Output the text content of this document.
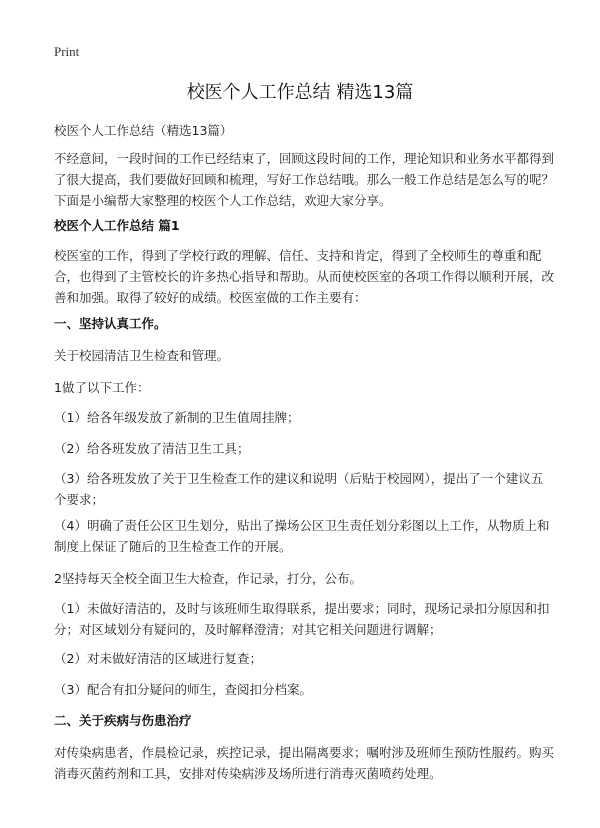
Print
校医个人工作总结 精选13篇

校医个人工作总结（精选13篇）

不经意间，一段时间的工作已经结束了，回顾这段时间的工作，理论知识和业务水平都得到了很大提高，我们要做好回顾和梳理，写好工作总结哦。那么一般工作总结是怎么写的呢？下面是小编帮大家整理的校医个人工作总结，欢迎大家分享。

校医个人工作总结 篇1

校医室的工作，得到了学校行政的理解、信任、支持和肯定，得到了全校师生的尊重和配合，也得到了主管校长的许多热心指导和帮助。从而使校医室的各项工作得以顺利开展，改善和加强。取得了较好的成绩。校医室做的工作主要有：

一、坚持认真工作。

关于校园清洁卫生检查和管理。

1做了以下工作：

（1）给各年级发放了新制的卫生值周挂牌；

（2）给各班发放了清洁卫生工具；

（3）给各班发放了关于卫生检查工作的建议和说明（后贴于校园网），提出了一个建议五个要求；

（4）明确了责任公区卫生划分，贴出了操场公区卫生责任划分彩图以上工作，从物质上和制度上保证了随后的卫生检查工作的开展。

2坚持每天全校全面卫生大检查，作记录，打分，公布。

（1）未做好清洁的，及时与该班师生取得联系，提出要求；同时，现场记录扣分原因和扣分；对区域划分有疑问的，及时解释澄清；对其它相关问题进行调解；

（2）对未做好清洁的区域进行复查；

（3）配合有扣分疑问的师生，查阅扣分档案。

二、关于疾病与伤患治疗

对传染病患者，作晨检记录，疾控记录，提出隔离要求；嘱咐涉及班师生预防性服药。购买消毒灭菌药剂和工具，安排对传染病涉及场所进行消毒灭菌喷药处理。
